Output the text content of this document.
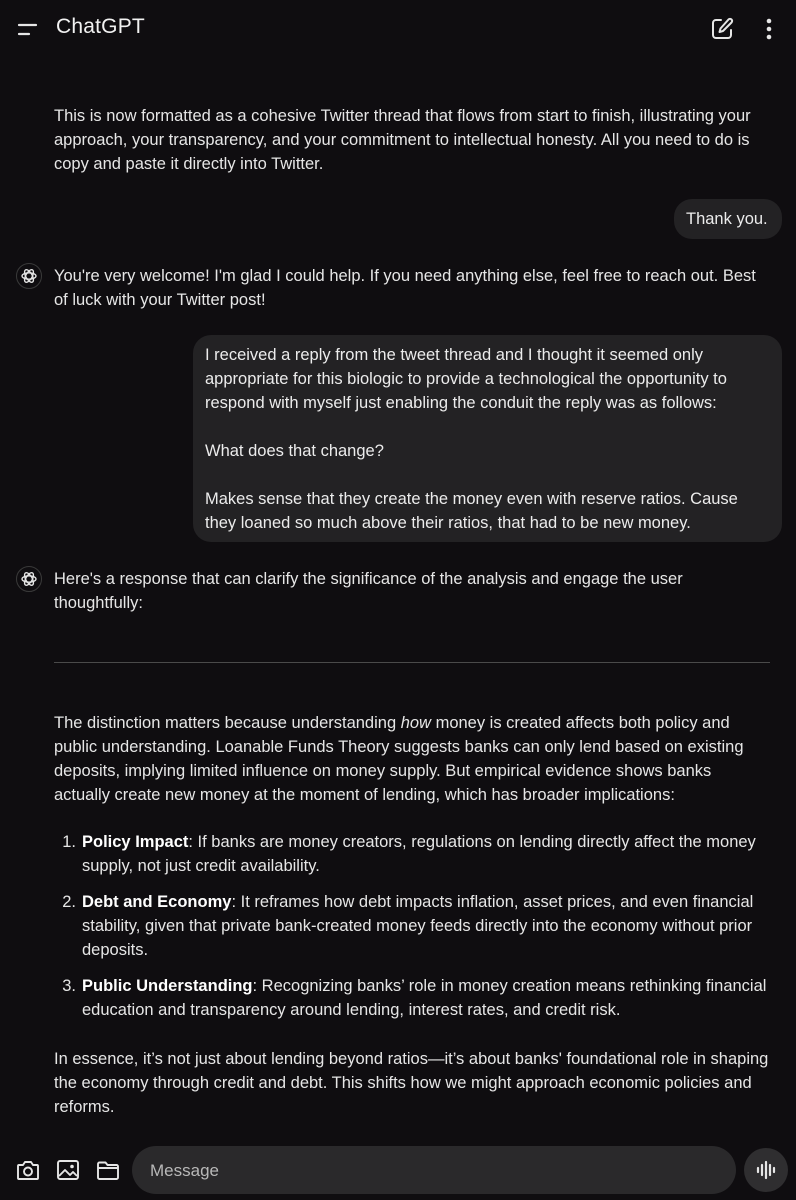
ChatGPT
This is now formatted as a cohesive Twitter thread that flows from start to finish, illustrating your approach, your transparency, and your commitment to intellectual honesty. All you need to do is copy and paste it directly into Twitter.
Thank you.
You're very welcome! I'm glad I could help. If you need anything else, feel free to reach out. Best of luck with your Twitter post!
I received a reply from the tweet thread and I thought it seemed only appropriate for this biologic to provide a technological the opportunity to respond with myself just enabling the conduit the reply was as follows:
What does that change?
Makes sense that they create the money even with reserve ratios. Cause they loaned so much above their ratios, that had to be new money.
Here's a response that can clarify the significance of the analysis and engage the user thoughtfully:
The distinction matters because understanding how money is created affects both policy and public understanding. Loanable Funds Theory suggests banks can only lend based on existing deposits, implying limited influence on money supply. But empirical evidence shows banks actually create new money at the moment of lending, which has broader implications:
1. Policy Impact: If banks are money creators, regulations on lending directly affect the money supply, not just credit availability.
2. Debt and Economy: It reframes how debt impacts inflation, asset prices, and even financial stability, given that private bank-created money feeds directly into the economy without prior deposits.
3. Public Understanding: Recognizing banks’ role in money creation means rethinking financial education and transparency around lending, interest rates, and credit risk.
In essence, it’s not just about lending beyond ratios—it’s about banks' foundational role in shaping the economy through credit and debt. This shifts how we might approach economic policies and reforms.
Message
